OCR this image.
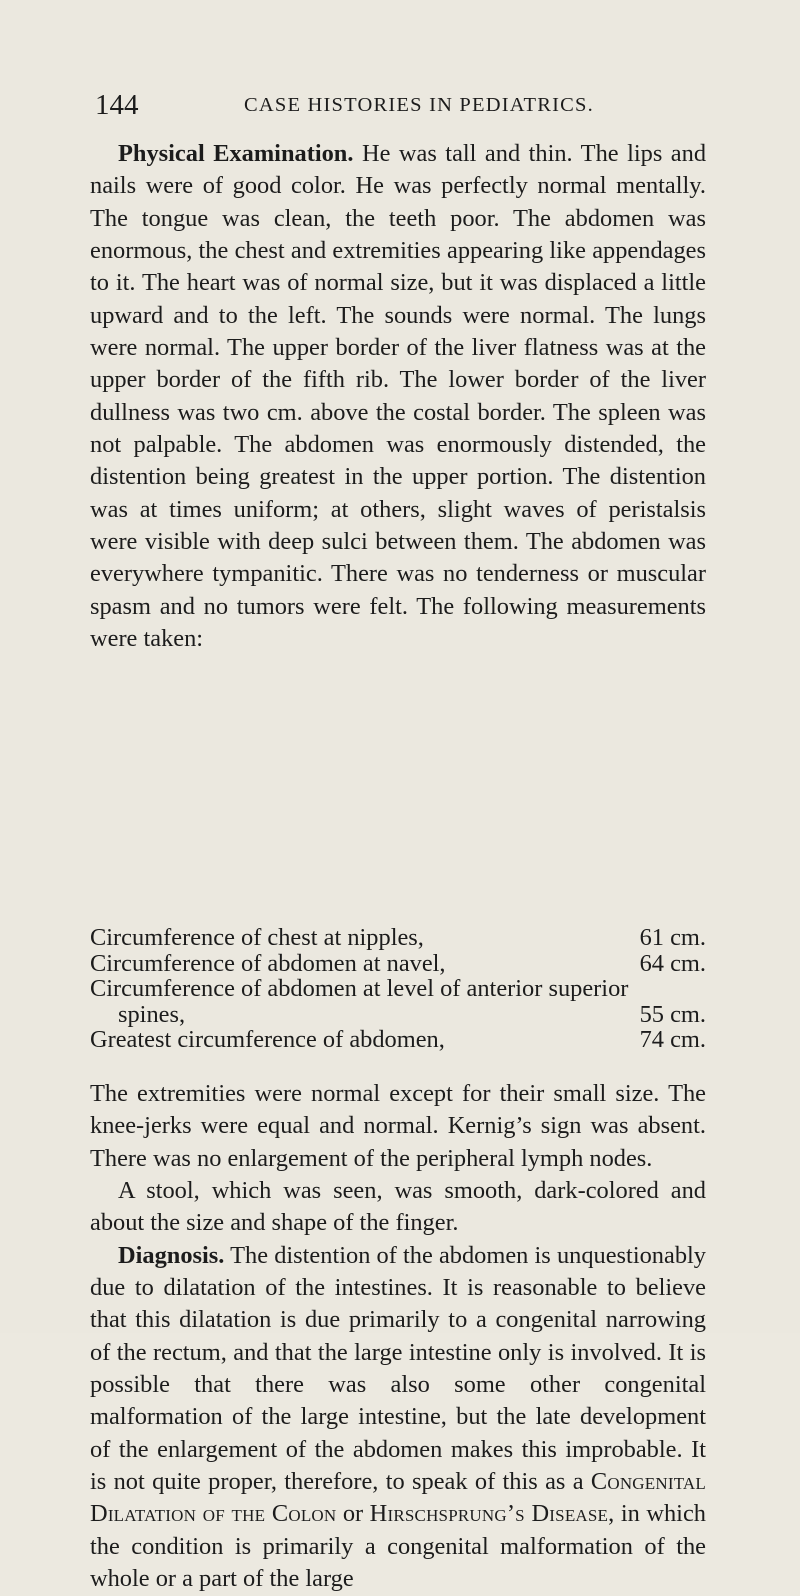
144	CASE HISTORIES IN PEDIATRICS.

Physical Examination. He was tall and thin. The lips and nails were of good color. He was perfectly normal mentally. The tongue was clean, the teeth poor. The abdomen was enormous, the chest and extremities appearing like appendages to it. The heart was of normal size, but it was displaced a little upward and to the left. The sounds were normal. The lungs were normal. The upper border of the liver flatness was at the upper border of the fifth rib. The lower border of the liver dullness was two cm. above the costal border. The spleen was not palpable. The abdomen was enormously distended, the distention being greatest in the upper portion. The distention was at times uniform; at others, slight waves of peristalsis were visible with deep sulci between them. The abdomen was everywhere tympanitic. There was no tenderness or muscular spasm and no tumors were felt. The following measurements were taken:

Circumference of chest at nipples,	61 cm.
Circumference of abdomen at navel,	64 cm.
Circumference of abdomen at level of anterior superior
spines,	55 cm.
Greatest circumference of abdomen,	74 cm.

The extremities were normal except for their small size. The knee-jerks were equal and normal. Kernig’s sign was absent. There was no enlargement of the peripheral lymph nodes.

A stool, which was seen, was smooth, dark-colored and about the size and shape of the finger.

Diagnosis. The distention of the abdomen is unquestionably due to dilatation of the intestines. It is reasonable to believe that this dilatation is due primarily to a congenital narrowing of the rectum, and that the large intestine only is involved. It is possible that there was also some other congenital malformation of the large intestine, but the late development of the enlargement of the abdomen makes this improbable. It is not quite proper, therefore, to speak of this as a Congenital Dilatation of the Colon or Hirschsprung’s Disease, in which the condition is primarily a congenital malformation of the whole or a part of the large
